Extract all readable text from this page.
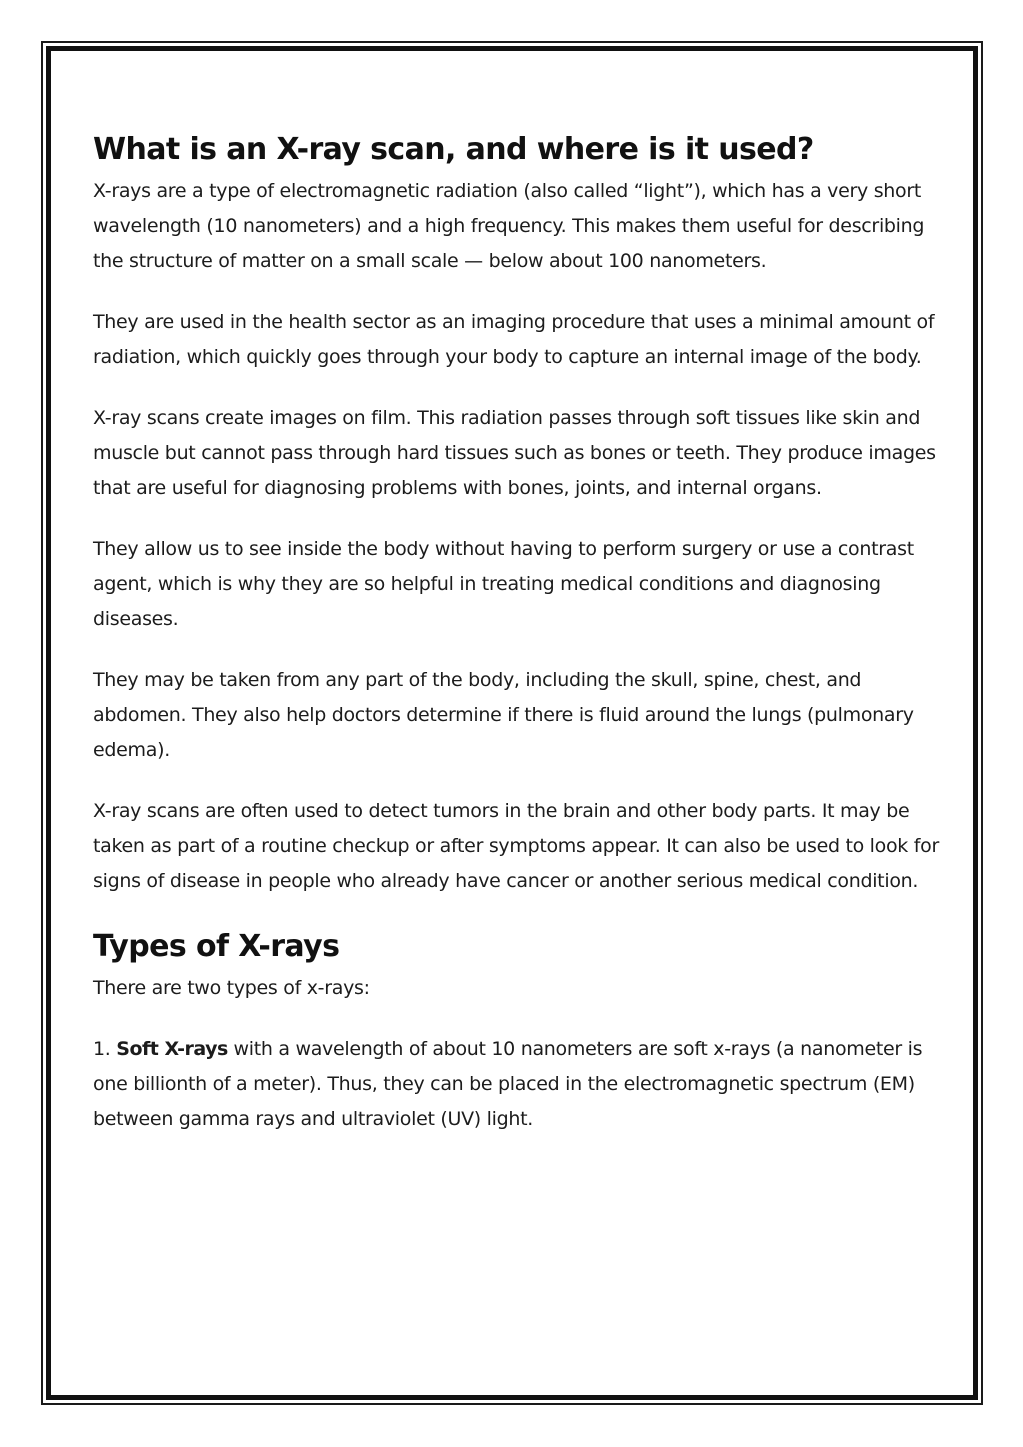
What is an X-ray scan, and where is it used?

X-rays are a type of electromagnetic radiation (also called “light”), which has a very short wavelength (10 nanometers) and a high frequency. This makes them useful for describing the structure of matter on a small scale — below about 100 nanometers.

They are used in the health sector as an imaging procedure that uses a minimal amount of radiation, which quickly goes through your body to capture an internal image of the body.

X-ray scans create images on film. This radiation passes through soft tissues like skin and muscle but cannot pass through hard tissues such as bones or teeth. They produce images that are useful for diagnosing problems with bones, joints, and internal organs.

They allow us to see inside the body without having to perform surgery or use a contrast agent, which is why they are so helpful in treating medical conditions and diagnosing diseases.

They may be taken from any part of the body, including the skull, spine, chest, and abdomen. They also help doctors determine if there is fluid around the lungs (pulmonary edema).

X-ray scans are often used to detect tumors in the brain and other body parts. It may be taken as part of a routine checkup or after symptoms appear. It can also be used to look for signs of disease in people who already have cancer or another serious medical condition.

Types of X-rays

There are two types of x-rays:

1. Soft X-rays with a wavelength of about 10 nanometers are soft x-rays (a nanometer is one billionth of a meter). Thus, they can be placed in the electromagnetic spectrum (EM) between gamma rays and ultraviolet (UV) light.
